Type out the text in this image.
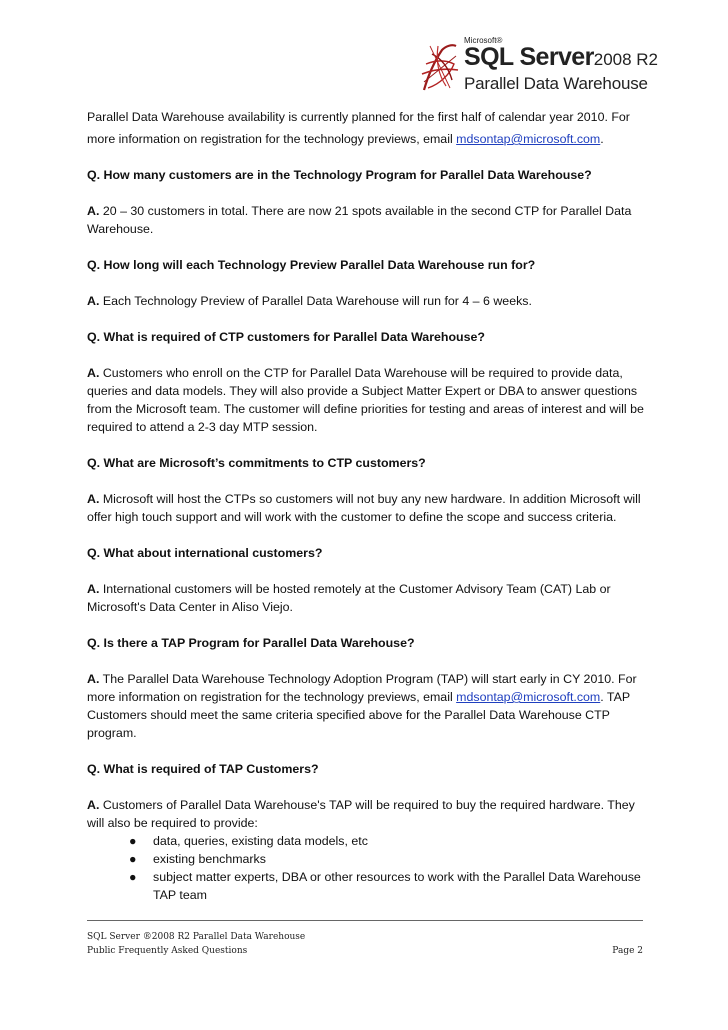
Microsoft®
SQL Server2008 R2
Parallel Data Warehouse

Parallel Data Warehouse availability is currently planned for the first half of calendar year 2010. For
more information on registration for the technology previews, email mdsontap@microsoft.com.

Q. How many customers are in the Technology Program for Parallel Data Warehouse?

A. 20 – 30 customers in total. There are now 21 spots available in the second CTP for Parallel Data Warehouse.

Q. How long will each Technology Preview Parallel Data Warehouse run for?

A. Each Technology Preview of Parallel Data Warehouse will run for 4 – 6 weeks.

Q. What is required of CTP customers for Parallel Data Warehouse?

A. Customers who enroll on the CTP for Parallel Data Warehouse will be required to provide data, queries and data models. They will also provide a Subject Matter Expert or DBA to answer questions from the Microsoft team. The customer will define priorities for testing and areas of interest and will be required to attend a 2-3 day MTP session.

Q. What are Microsoft’s commitments to CTP customers?

A. Microsoft will host the CTPs so customers will not buy any new hardware. In addition Microsoft will offer high touch support and will work with the customer to define the scope and success criteria.

Q. What about international customers?

A. International customers will be hosted remotely at the Customer Advisory Team (CAT) Lab or Microsoft's Data Center in Aliso Viejo.

Q. Is there a TAP Program for Parallel Data Warehouse?

A. The Parallel Data Warehouse Technology Adoption Program (TAP) will start early in CY 2010. For more information on registration for the technology previews, email mdsontap@microsoft.com. TAP Customers should meet the same criteria specified above for the Parallel Data Warehouse CTP program.

Q. What is required of TAP Customers?

A. Customers of Parallel Data Warehouse's TAP will be required to buy the required hardware. They will also be required to provide:

● data, queries, existing data models, etc
● existing benchmarks
● subject matter experts, DBA or other resources to work with the Parallel Data Warehouse TAP team
SQL Server ®2008 R2 Parallel Data Warehouse
Public Frequently Asked Questions	Page 2
